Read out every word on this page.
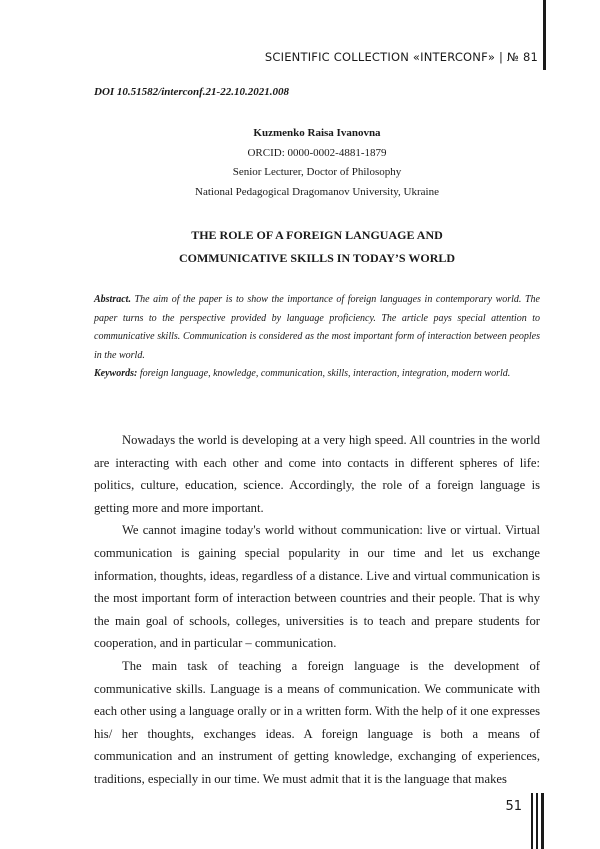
SCIENTIFIC COLLECTION «INTERCONF» | № 81
DOI 10.51582/interconf.21-22.10.2021.008
Kuzmenko Raisa Ivanovna
ORCID: 0000-0002-4881-1879
Senior Lecturer, Doctor of Philosophy
National Pedagogical Dragomanov University, Ukraine
THE ROLE OF A FOREIGN LANGUAGE AND
COMMUNICATIVE SKILLS IN TODAY’S WORLD
Abstract. The aim of the paper is to show the importance of foreign languages in contemporary world. The paper turns to the perspective provided by language proficiency. The article pays special attention to communicative skills. Communication is considered as the most important form of interaction between peoples in the world.
Keywords: foreign language, knowledge, communication, skills, interaction, integration, modern world.

Nowadays the world is developing at a very high speed. All countries in the world are interacting with each other and come into contacts in different spheres of life: politics, culture, education, science. Accordingly, the role of a foreign language is getting more and more important.

We cannot imagine today's world without communication: live or virtual. Virtual communication is gaining special popularity in our time and let us exchange information, thoughts, ideas, regardless of a distance. Live and virtual communication is the most important form of interaction between countries and their people. That is why the main goal of schools, colleges, universities is to teach and prepare students for cooperation, and in particular – communication.

The main task of teaching a foreign language is the development of communicative skills. Language is a means of communication. We communicate with each other using a language orally or in a written form. With the help of it one expresses his/ her thoughts, exchanges ideas. A foreign language is both a means of communication and an instrument of getting knowledge, exchanging of experiences, traditions, especially in our time. We must admit that it is the language that makes

51
